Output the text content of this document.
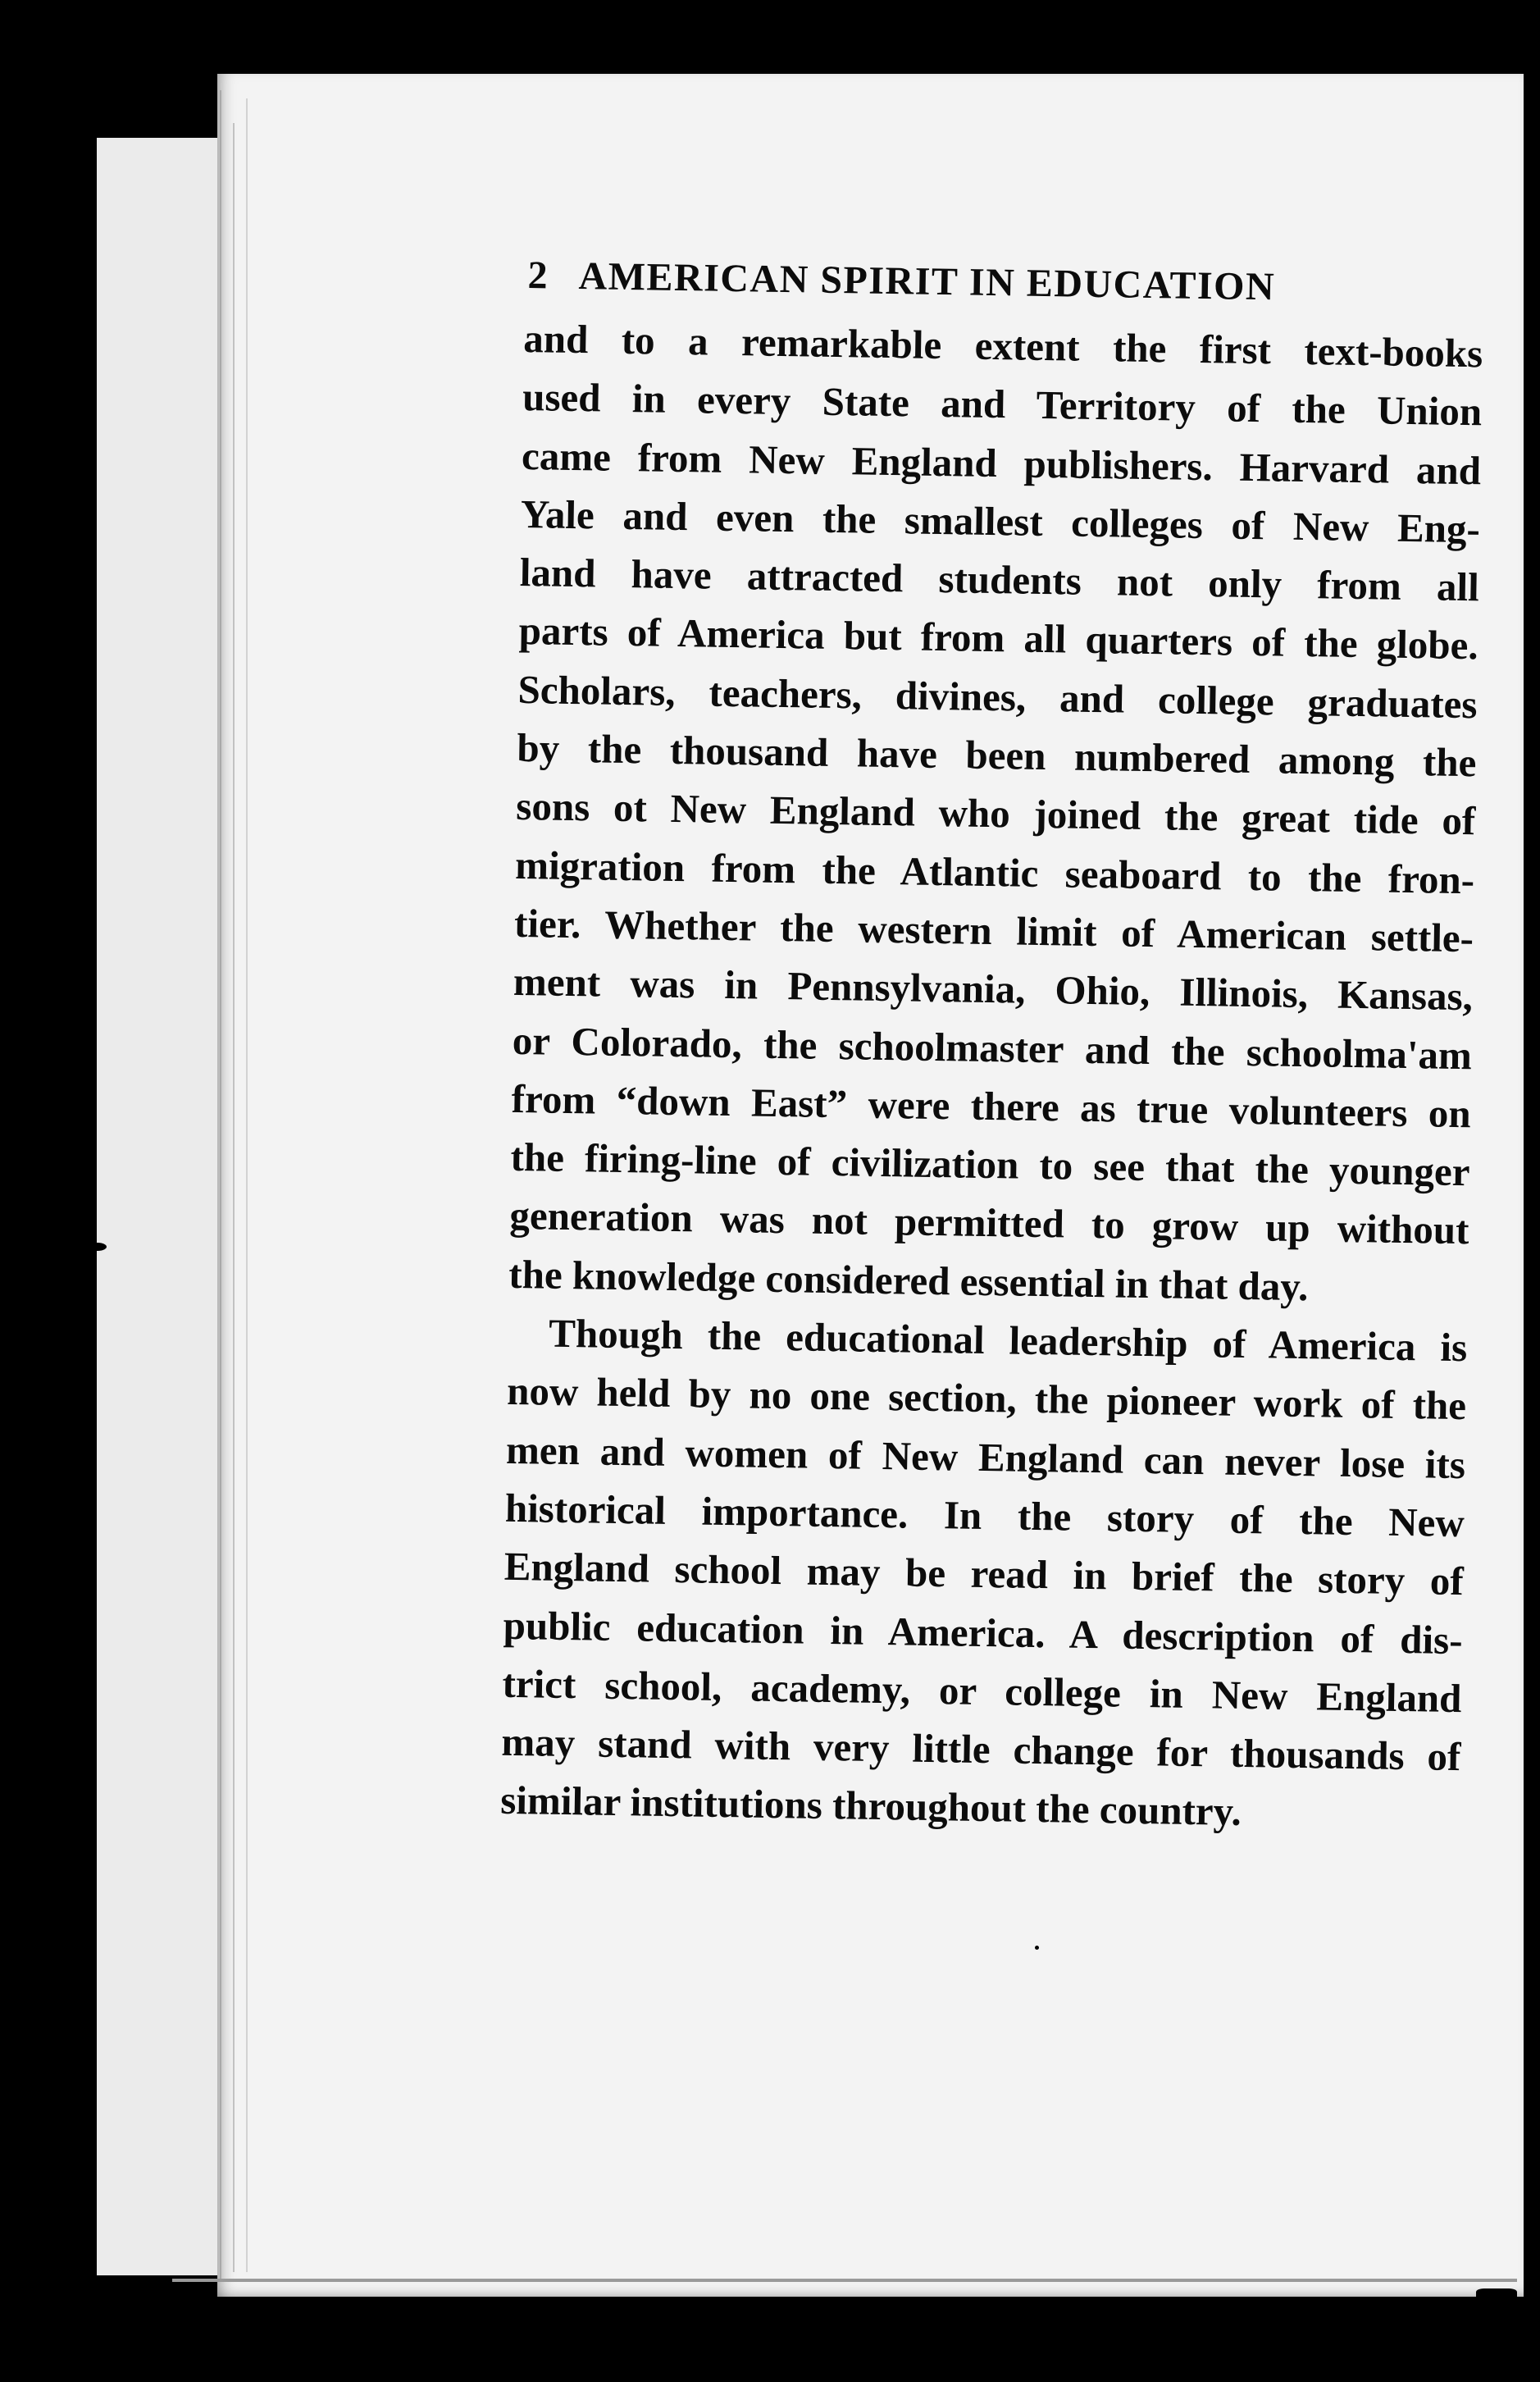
2 AMERICAN SPIRIT IN EDUCATION

and to a remarkable extent the first text-books
used in every State and Territory of the Union
came from New England publishers. Harvard and
Yale and even the smallest colleges of New Eng-
land have attracted students not only from all
parts of America but from all quarters of the globe.
Scholars, teachers, divines, and college graduates
by the thousand have been numbered among the
sons ot New England who joined the great tide of
migration from the Atlantic seaboard to the fron-
tier. Whether the western limit of American settle-
ment was in Pennsylvania, Ohio, Illinois, Kansas,
or Colorado, the schoolmaster and the schoolma'am
from “down East” were there as true volunteers on
the firing-line of civilization to see that the younger
generation was not permitted to grow up without
the knowledge considered essential in that day.

Though the educational leadership of America is
now held by no one section, the pioneer work of the
men and women of New England can never lose its
historical importance. In the story of the New
England school may be read in brief the story of
public education in America. A description of dis-
trict school, academy, or college in New England
may stand with very little change for thousands of
similar institutions throughout the country.
